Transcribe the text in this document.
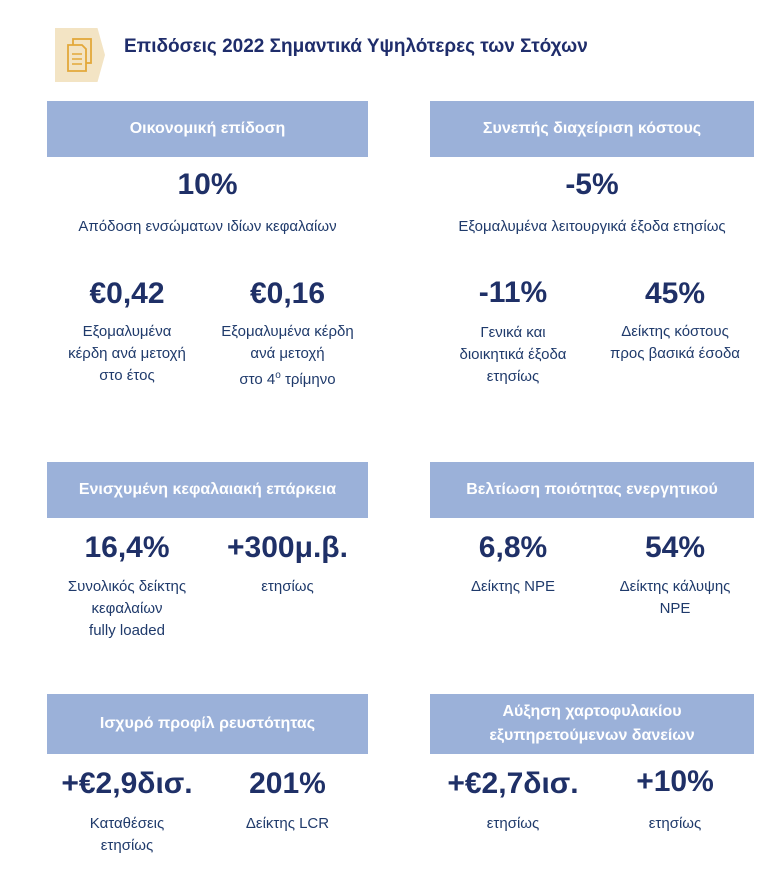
Επιδόσεις 2022 Σημαντικά Υψηλότερες των Στόχων
Οικονομική επίδοση
10%
Απόδοση ενσώματων ιδίων κεφαλαίων
€0,42
Εξομαλυμένα
κέρδη ανά μετοχή
στο έτος
€0,16
Εξομαλυμένα κέρδη
ανά μετοχή
στο $4^o$ τρίμηνο
Συνεπής διαχείριση κόστους
-5%
Εξομαλυμένα λειτουργικά έξοδα ετησίως
-11%
Γενικά και
διοικητικά έξοδα
ετησίως
45%
Δείκτης κόστους
προς βασικά έσοδα
Ενισχυμένη κεφαλαιακή επάρκεια
16,4%
Συνολικός δείκτης
κεφαλαίων
fully loaded
+300μ.β.
ετησίως
Βελτίωση ποιότητας ενεργητικού
6,8%
Δείκτης NPE
54%
Δείκτης κάλυψης
NPE
Ισχυρό προφίλ ρευστότητας
+€2,9δισ.
Καταθέσεις
ετησίως
201%
Δείκτης LCR
Αύξηση χαρτοφυλακίου
εξυπηρετούμενων δανείων
+€2,7δισ.
ετησίως
+10%
ετησίως
